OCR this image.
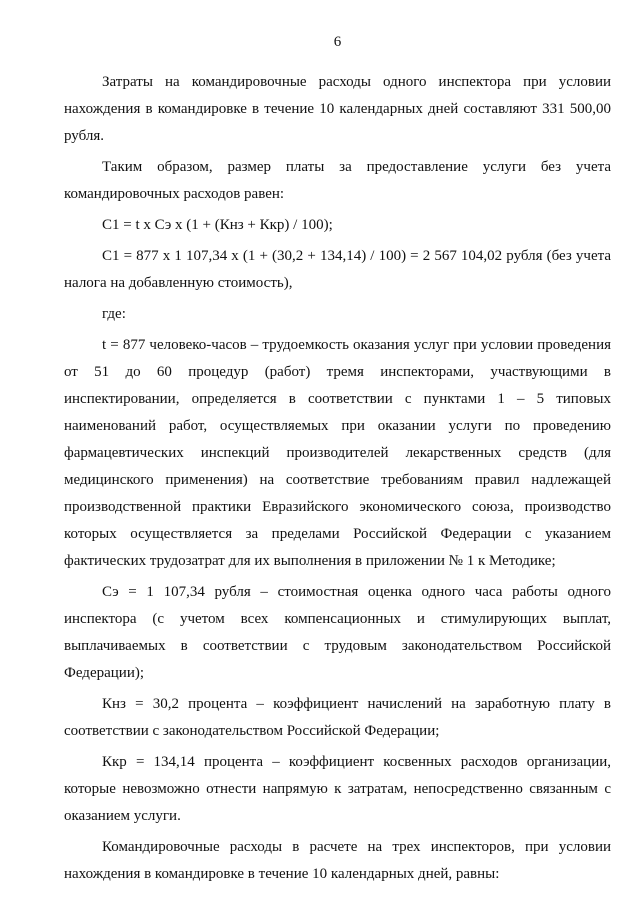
6

Затраты на командировочные расходы одного инспектора при условии нахождения в командировке в течение 10 календарных дней составляют 331 500,00 рубля.

Таким образом, размер платы за предоставление услуги без учета командировочных расходов равен:

С1 = t x Сэ x (1 + (Кнз + Ккр) / 100);

С1 = 877 x 1 107,34 x (1 + (30,2 + 134,14) / 100) = 2 567 104,02 рубля (без учета налога на добавленную стоимость),

где:

t = 877 человеко-часов – трудоемкость оказания услуг при условии проведения от 51 до 60 процедур (работ) тремя инспекторами, участвующими в инспектировании, определяется в соответствии с пунктами 1 – 5 типовых наименований работ, осуществляемых при оказании услуги по проведению фармацевтических инспекций производителей лекарственных средств (для медицинского применения) на соответствие требованиям правил надлежащей производственной практики Евразийского экономического союза, производство которых осуществляется за пределами Российской Федерации с указанием фактических трудозатрат для их выполнения в приложении № 1 к Методике;

Сэ = 1 107,34 рубля – стоимостная оценка одного часа работы одного инспектора (с учетом всех компенсационных и стимулирующих выплат, выплачиваемых в соответствии с трудовым законодательством Российской Федерации);

Кнз = 30,2 процента – коэффициент начислений на заработную плату в соответствии с законодательством Российской Федерации;

Ккр = 134,14 процента – коэффициент косвенных расходов организации, которые невозможно отнести напрямую к затратам, непосредственно связанным с оказанием услуги.

Командировочные расходы в расчете на трех инспекторов, при условии нахождения в командировке в течение 10 календарных дней, равны:
